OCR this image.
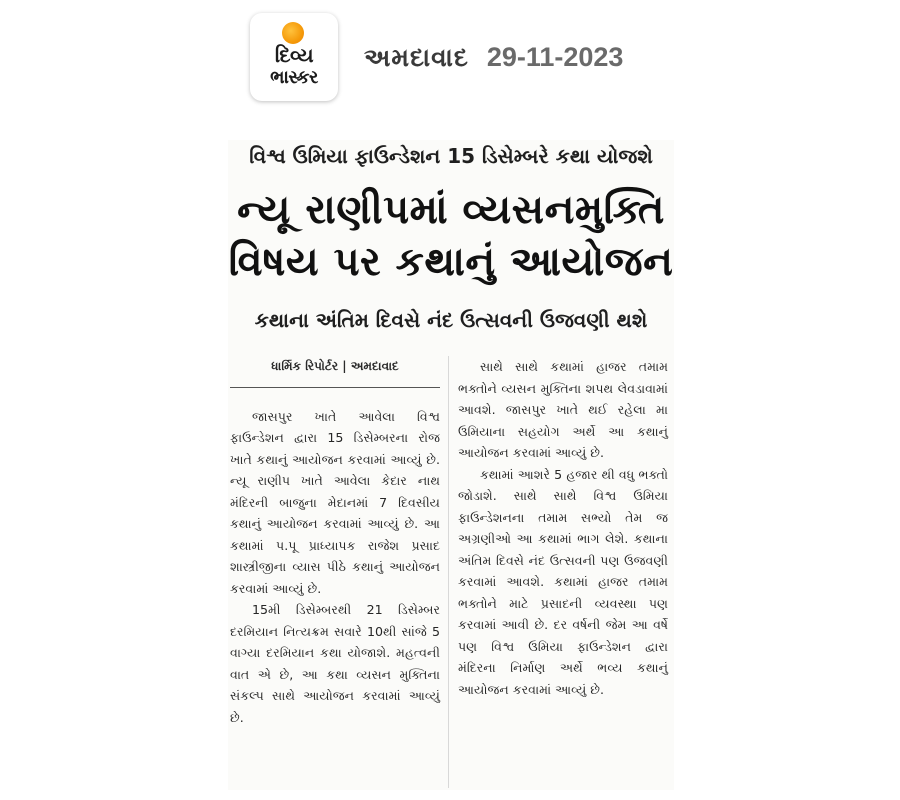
દિવ્ય
ભાસ્કર
અમદાવાદ 29-11-2023
વિશ્વ ઉમિયા ફાઉન્ડેશન 15 ડિસેમ્બરે કથા યોજશે
ન્યૂ રાણીપમાં વ્યસનમુક્તિ
વિષય પર કથાનું આયોજન
કથાના અંતિમ દિવસે નંદ ઉત્સવની ઉજવણી થશે
ધાર્મિક રિપોર્ટર | અમદાવાદ

જાસપુર ખાતે આવેલા વિશ્વ ફાઉન્ડેશન દ્વારા 15 ડિસેમ્બરના રોજ ખાતે કથાનું આયોજન કરવામાં આવ્યું છે. ન્યૂ રાણીપ ખાતે આવેલા કેદાર નાથ મંદિરની બાજુના મેદાનમાં 7 દિવસીય કથાનું આયોજન કરવામાં આવ્યું છે. આ કથામાં પ.પૂ પ્રાધ્યાપક રાજેશ પ્રસાદ શાસ્ત્રીજીના વ્યાસ પીઠે કથાનું આયોજન કરવામાં આવ્યું છે.

15મી ડિસેમ્બરથી 21 ડિસેમ્બર દરમિયાન નિત્યક્રમ સવારે 10થી સાંજે 5 વાગ્યા દરમિયાન કથા યોજાશે. મહત્વની વાત એ છે, આ કથા વ્યસન મુક્તિના સંકલ્પ સાથે આયોજન કરવામાં આવ્યું છે.

સાથે સાથે કથામાં હાજર તમામ ભક્તોને વ્યસન મુક્તિના શપથ લેવડાવામાં આવશે. જાસપુર ખાતે થઈ રહેલા મા ઉમિયાના સહયોગ અર્થે આ કથાનું આયોજન કરવામાં આવ્યું છે.

કથામાં આશરે 5 હજાર થી વધુ ભક્તો જોડાશે. સાથે સાથે વિશ્વ ઉમિયા ફાઉન્ડેશનના તમામ સભ્યો તેમ જ અગ્રણીઓ આ કથામાં ભાગ લેશે. કથાના અંતિમ દિવસે નંદ ઉત્સવની પણ ઉજવણી કરવામાં આવશે. કથામાં હાજર તમામ ભક્તોને માટે પ્રસાદની વ્યવસ્થા પણ કરવામાં આવી છે. દર વર્ષની જેમ આ વર્ષે પણ વિશ્વ ઉમિયા ફાઉન્ડેશન દ્વારા મંદિરના નિર્માણ અર્થે ભવ્ય કથાનું આયોજન કરવામાં આવ્યું છે.
